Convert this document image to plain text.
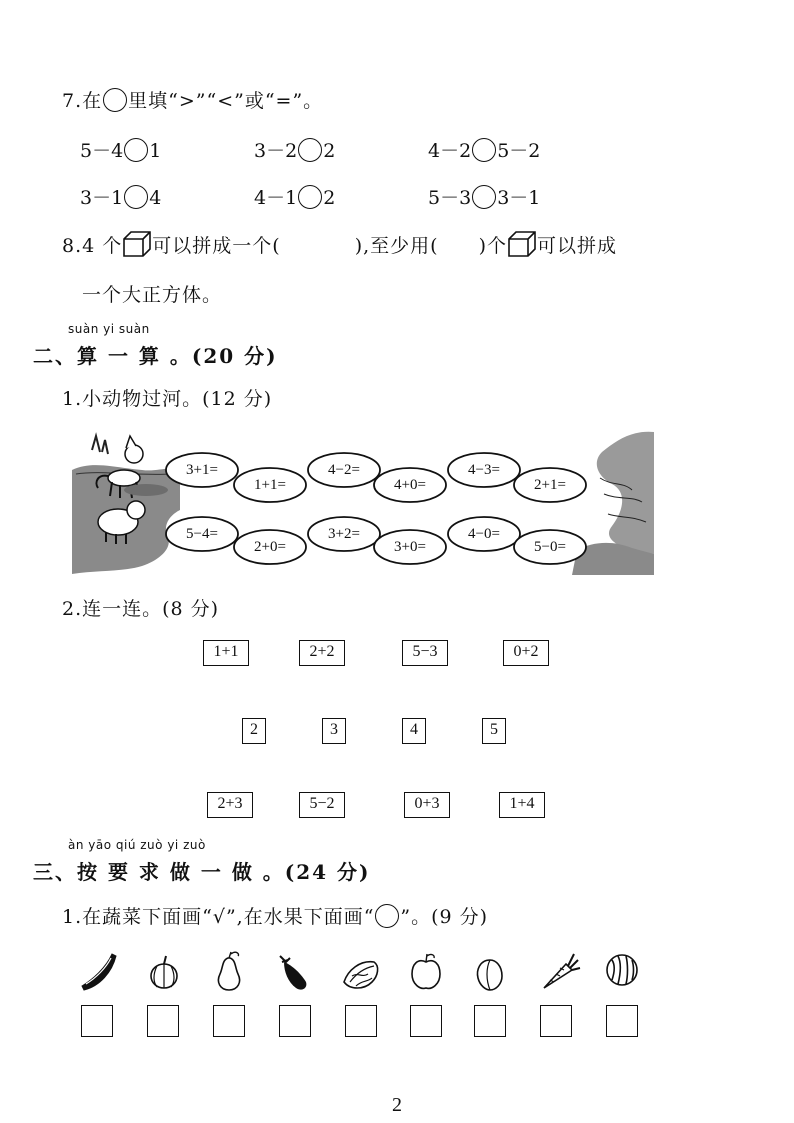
7.在 里填“>”“<”或“=”。
5－4 1	3－2 2	4－2 5－2
3－1 4	4－1 2	5－3 3－1
8.4 个 可以拼成一个(	),至少用( )个 可以拼成
一个大正方体。
suàn yi suàn
二、算 一 算 。(20 分)
1.小动物过河。(12 分)
3+1=
1+1=
4−2=
4+0=
4−3=
2+1=
5−4=
2+0=
3+2=
3+0=
4−0=
5−0=
2.连一连。(8 分)
1+1	2+2	5−3	0+2
2	3	4	5
2+3	5−2	0+3	1+4
àn yāo qiú zuò yi zuò
三、按 要 求 做 一 做 。(24 分)
1.在蔬菜下面画“√”,在水果下面画“ ”。(9 分)
2
